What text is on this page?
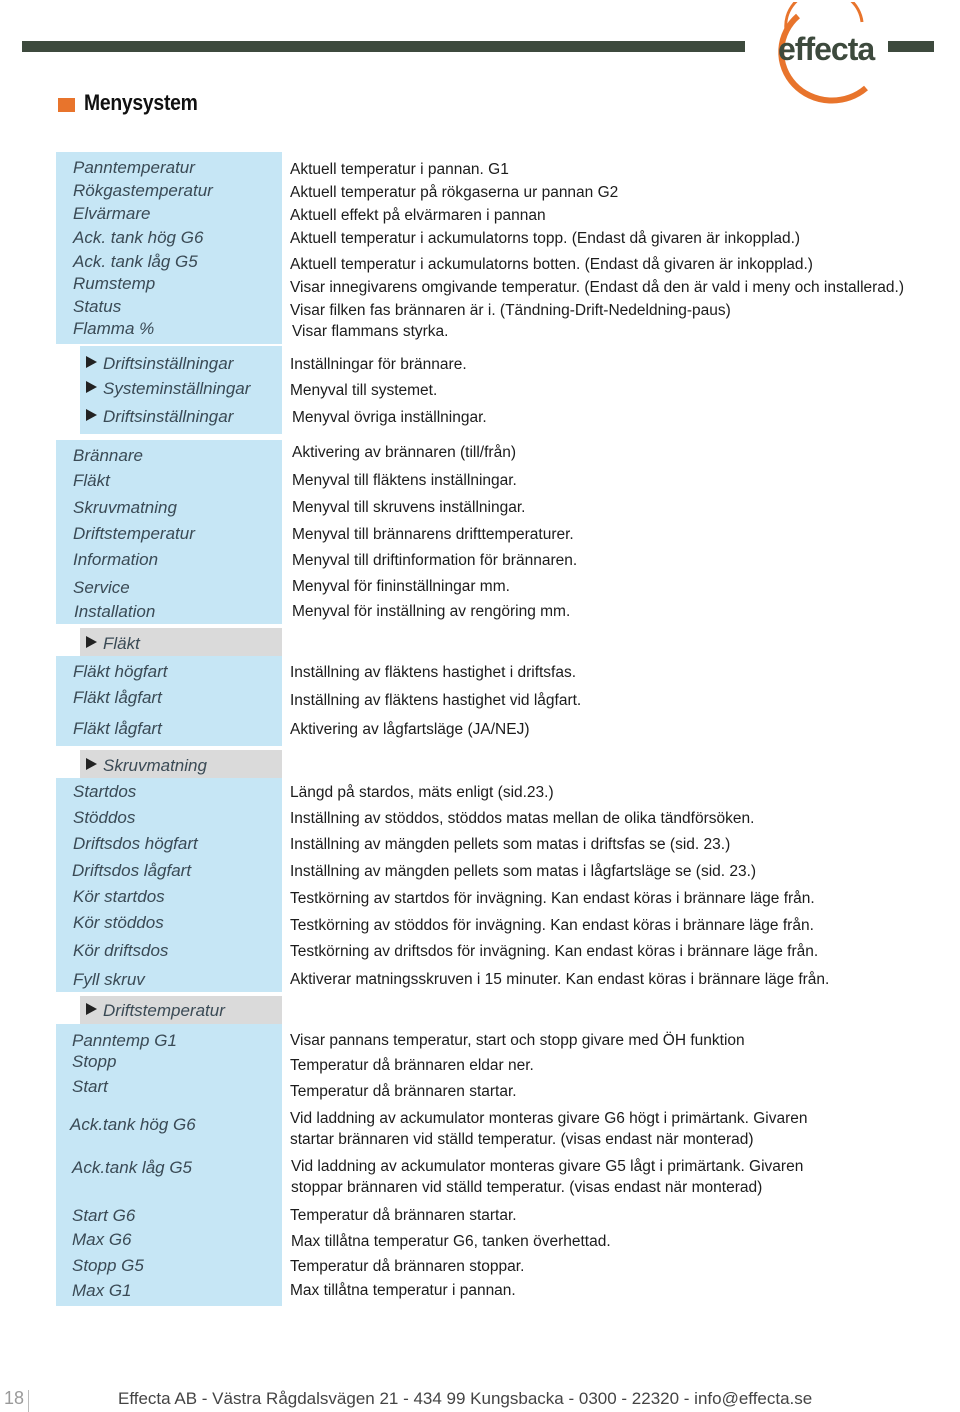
effecta
Menysystem
Panntemperatur	Aktuell temperatur i pannan. G1
Rökgastemperatur	Aktuell temperatur på rökgaserna ur pannan G2
Elvärmare	Aktuell effekt på elvärmaren i pannan
Ack. tank hög G6	Aktuell temperatur i ackumulatorns topp. (Endast då givaren är inkopplad.)
Ack. tank låg G5	Aktuell temperatur i ackumulatorns botten. (Endast då givaren är inkopplad.)
Rumstemp	Visar innegivarens omgivande temperatur. (Endast då den är vald i meny och installerad.)
Status	Visar filken fas brännaren är i. (Tändning-Drift-Nedeldning-paus)
Flamma %	Visar flammans styrka.
Driftsinställningar	Inställningar för brännare.
Systeminställningar	Menyval till systemet.
Driftsinställningar	Menyval övriga inställningar.
Brännare	Aktivering av brännaren (till/från)
Fläkt	Menyval till fläktens inställningar.
Skruvmatning	Menyval till skruvens inställningar.
Driftstemperatur	Menyval till brännarens drifttemperaturer.
Information	Menyval till driftinformation för brännaren.
Service	Menyval för fininställningar mm.
Installation	Menyval för inställning av rengöring mm.
Fläkt
Fläkt högfart	Inställning av fläktens hastighet i driftsfas.
Fläkt lågfart	Inställning av fläktens hastighet vid lågfart.
Fläkt lågfart	Aktivering av lågfartsläge (JA/NEJ)
Skruvmatning
Startdos	Längd på stardos, mäts enligt (sid.23.)
Stöddos	Inställning av stöddos, stöddos matas mellan de olika tändförsöken.
Driftsdos högfart	Inställning av mängden pellets som matas i driftsfas se (sid. 23.)
Driftsdos lågfart	Inställning av mängden pellets som matas i lågfartsläge se (sid. 23.)
Kör startdos	Testkörning av startdos för invägning. Kan endast köras i brännare läge från.
Kör stöddos	Testkörning av stöddos för invägning. Kan endast köras i brännare läge från.
Kör driftsdos	Testkörning av driftsdos för invägning. Kan endast köras i brännare läge från.
Fyll skruv	Aktiverar matningsskruven i 15 minuter. Kan endast köras i brännare läge från.
Driftstemperatur
Panntemp G1	Visar pannans temperatur, start och stopp givare med ÖH funktion
Stopp	Temperatur då brännaren eldar ner.
Start	Temperatur då brännaren startar.
Ack.tank hög G6	Vid laddning av ackumulator monteras givare G6 högt i primärtank. Givaren
startar brännaren vid ställd temperatur. (visas endast när monterad)
Ack.tank låg G5	Vid laddning av ackumulator monteras givare G5 lågt i primärtank. Givaren
stoppar brännaren vid ställd temperatur. (visas endast när monterad)
Start G6	Temperatur då brännaren startar.
Max G6	Max tillåtna temperatur G6, tanken överhettad.
Stopp G5	Temperatur då brännaren stoppar.
Max G1	Max tillåtna temperatur i pannan.
18	Effecta AB - Västra Rågdalsvägen 21 - 434 99 Kungsbacka - 0300 - 22320 - info@effecta.se
